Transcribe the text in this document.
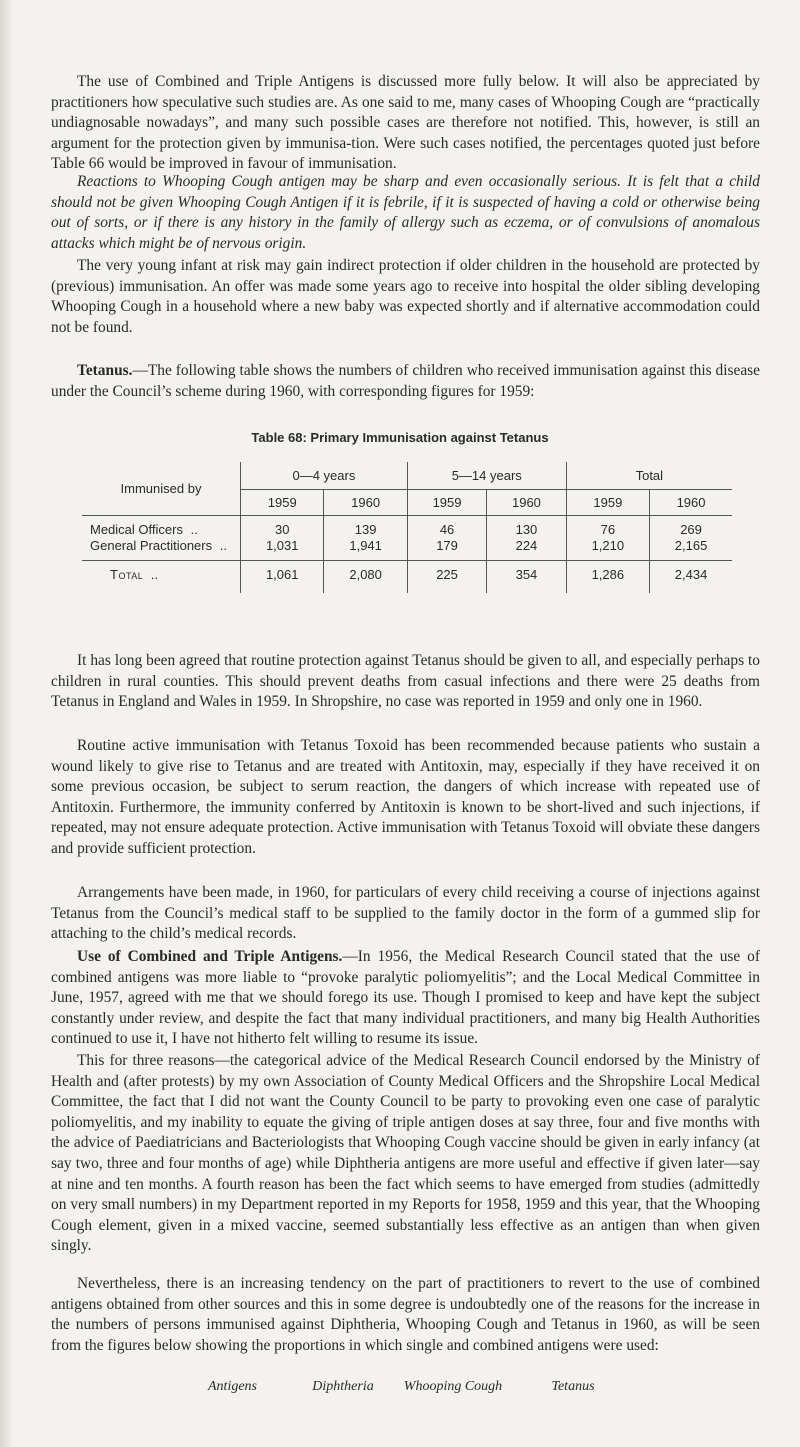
The use of Combined and Triple Antigens is discussed more fully below. It will also be appreciated by practitioners how speculative such studies are. As one said to me, many cases of Whooping Cough are “practically undiagnosable nowadays”, and many such possible cases are therefore not notified. This, however, is still an argument for the protection given by immunisa-tion. Were such cases notified, the percentages quoted just before Table 66 would be improved in favour of immunisation.

Reactions to Whooping Cough antigen may be sharp and even occasionally serious. It is felt that a child should not be given Whooping Cough Antigen if it is febrile, if it is suspected of having a cold or otherwise being out of sorts, or if there is any history in the family of allergy such as eczema, or of convulsions of anomalous attacks which might be of nervous origin.

The very young infant at risk may gain indirect protection if older children in the household are protected by (previous) immunisation. An offer was made some years ago to receive into hospital the older sibling developing Whooping Cough in a household where a new baby was expected shortly and if alternative accommodation could not be found.

Tetanus.—The following table shows the numbers of children who received immunisation against this disease under the Council’s scheme during 1960, with corresponding figures for 1959:

Table 68: Primary Immunisation against Tetanus
Immunised by	0—4 years		5—14 years		Total	
	1959	1960	1959	1960	1959	1960
Medical Officers ..	30	139	46	130	76	269
General Practitioners ..	1,031	1,941	179	224	1,210	2,165
Total ..	1,061	2,080	225	354	1,286	2,434

It has long been agreed that routine protection against Tetanus should be given to all, and especially perhaps to children in rural counties. This should prevent deaths from casual infections and there were 25 deaths from Tetanus in England and Wales in 1959. In Shropshire, no case was reported in 1959 and only one in 1960.

Routine active immunisation with Tetanus Toxoid has been recommended because patients who sustain a wound likely to give rise to Tetanus and are treated with Antitoxin, may, especially if they have received it on some previous occasion, be subject to serum reaction, the dangers of which increase with repeated use of Antitoxin. Furthermore, the immunity conferred by Antitoxin is known to be short-lived and such injections, if repeated, may not ensure adequate protection. Active immunisation with Tetanus Toxoid will obviate these dangers and provide sufficient protection.

Arrangements have been made, in 1960, for particulars of every child receiving a course of injections against Tetanus from the Council’s medical staff to be supplied to the family doctor in the form of a gummed slip for attaching to the child’s medical records.

Use of Combined and Triple Antigens.—In 1956, the Medical Research Council stated that the use of combined antigens was more liable to “provoke paralytic poliomyelitis”; and the Local Medical Committee in June, 1957, agreed with me that we should forego its use. Though I promised to keep and have kept the subject constantly under review, and despite the fact that many individual practitioners, and many big Health Authorities continued to use it, I have not hitherto felt willing to resume its issue.

This for three reasons—the categorical advice of the Medical Research Council endorsed by the Ministry of Health and (after protests) by my own Association of County Medical Officers and the Shropshire Local Medical Committee, the fact that I did not want the County Council to be party to provoking even one case of paralytic poliomyelitis, and my inability to equate the giving of triple antigen doses at say three, four and five months with the advice of Paediatricians and Bacteriologists that Whooping Cough vaccine should be given in early infancy (at say two, three and four months of age) while Diphtheria antigens are more useful and effective if given later—say at nine and ten months. A fourth reason has been the fact which seems to have emerged from studies (admittedly on very small numbers) in my Department reported in my Reports for 1958, 1959 and this year, that the Whooping Cough element, given in a mixed vaccine, seemed substantially less effective as an antigen than when given singly.

Nevertheless, there is an increasing tendency on the part of practitioners to revert to the use of combined antigens obtained from other sources and this in some degree is undoubtedly one of the reasons for the increase in the numbers of persons immunised against Diphtheria, Whooping Cough and Tetanus in 1960, as will be seen from the figures below showing the proportions in which single and combined antigens were used:

Antigens	Diphtheria	Whooping Cough	Tetanus
